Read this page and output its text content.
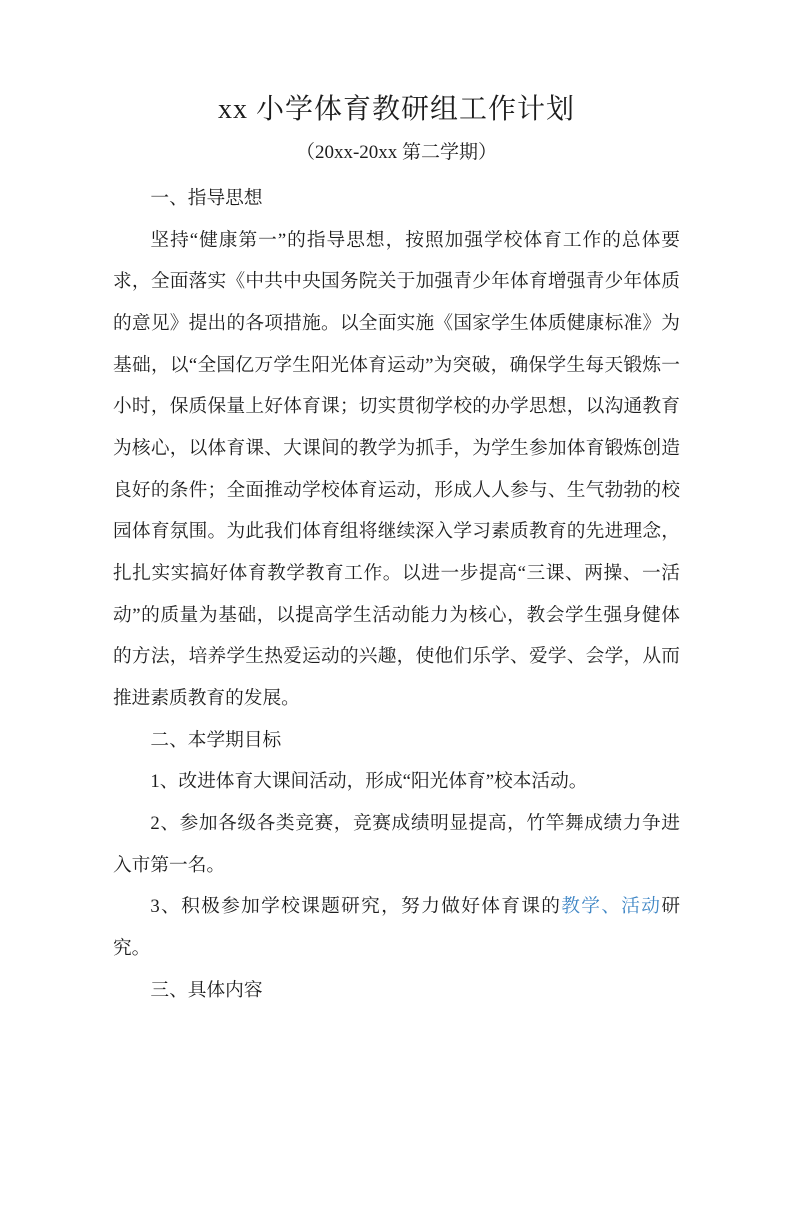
xx 小学体育教研组工作计划
（20xx-20xx 第二学期）

一、指导思想

坚持“健康第一”的指导思想，按照加强学校体育工作的总体要求，全面落实《中共中央国务院关于加强青少年体育增强青少年体质的意见》提出的各项措施。以全面实施《国家学生体质健康标准》为基础，以“全国亿万学生阳光体育运动”为突破，确保学生每天锻炼一小时，保质保量上好体育课；切实贯彻学校的办学思想，以沟通教育为核心，以体育课、大课间的教学为抓手，为学生参加体育锻炼创造良好的条件；全面推动学校体育运动，形成人人参与、生气勃勃的校园体育氛围。为此我们体育组将继续深入学习素质教育的先进理念，扎扎实实搞好体育教学教育工作。以进一步提高“三课、两操、一活动”的质量为基础，以提高学生活动能力为核心，教会学生强身健体的方法，培养学生热爱运动的兴趣，使他们乐学、爱学、会学，从而推进素质教育的发展。

二、本学期目标

1、改进体育大课间活动，形成“阳光体育”校本活动。

2、参加各级各类竞赛，竞赛成绩明显提高，竹竿舞成绩力争进入市第一名。

3、积极参加学校课题研究，努力做好体育课的教学、活动研究。

三、具体内容
